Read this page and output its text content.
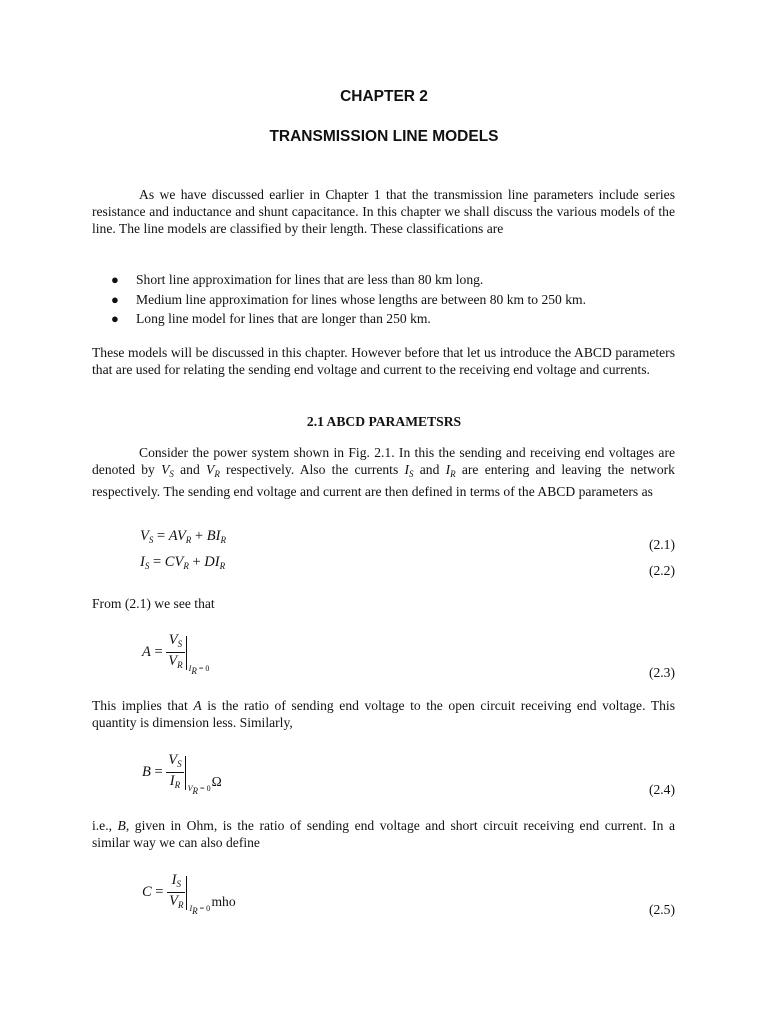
CHAPTER 2
TRANSMISSION LINE MODELS
As we have discussed earlier in Chapter 1 that the transmission line parameters include series resistance and inductance and shunt capacitance. In this chapter we shall discuss the various models of the line. The line models are classified by their length. These classifications are
● Short line approximation for lines that are less than 80 km long.
● Medium line approximation for lines whose lengths are between 80 km to 250 km.
● Long line model for lines that are longer than 250 km.
These models will be discussed in this chapter. However before that let us introduce the ABCD parameters that are used for relating the sending end voltage and current to the receiving end voltage and currents.
2.1 ABCD PARAMETSRS
Consider the power system shown in Fig. 2.1. In this the sending and receiving end voltages are denoted by $V_S$ and $V_R$ respectively. Also the currents $I_S$ and $I_R$ are entering and leaving the network respectively. The sending end voltage and current are then defined in terms of the ABCD parameters as
$V_S = AV_R + BI_R$	(2.1)
$I_S = CV_R + DI_R$	(2.2)
From (2.1) we see that
$A = \frac{V_S}{V_R} I_R = 0$	(2.3)
This implies that A is the ratio of sending end voltage to the open circuit receiving end voltage. This quantity is dimension less. Similarly,
$B = \frac{V_S}{I_R} V_R = 0$ Ω
(2.4)
i.e., B, given in Ohm, is the ratio of sending end voltage and short circuit receiving end current. In a similar way we can also define
$C = \frac{I_S}{V_R} I_R = 0$ mho
(2.5)
